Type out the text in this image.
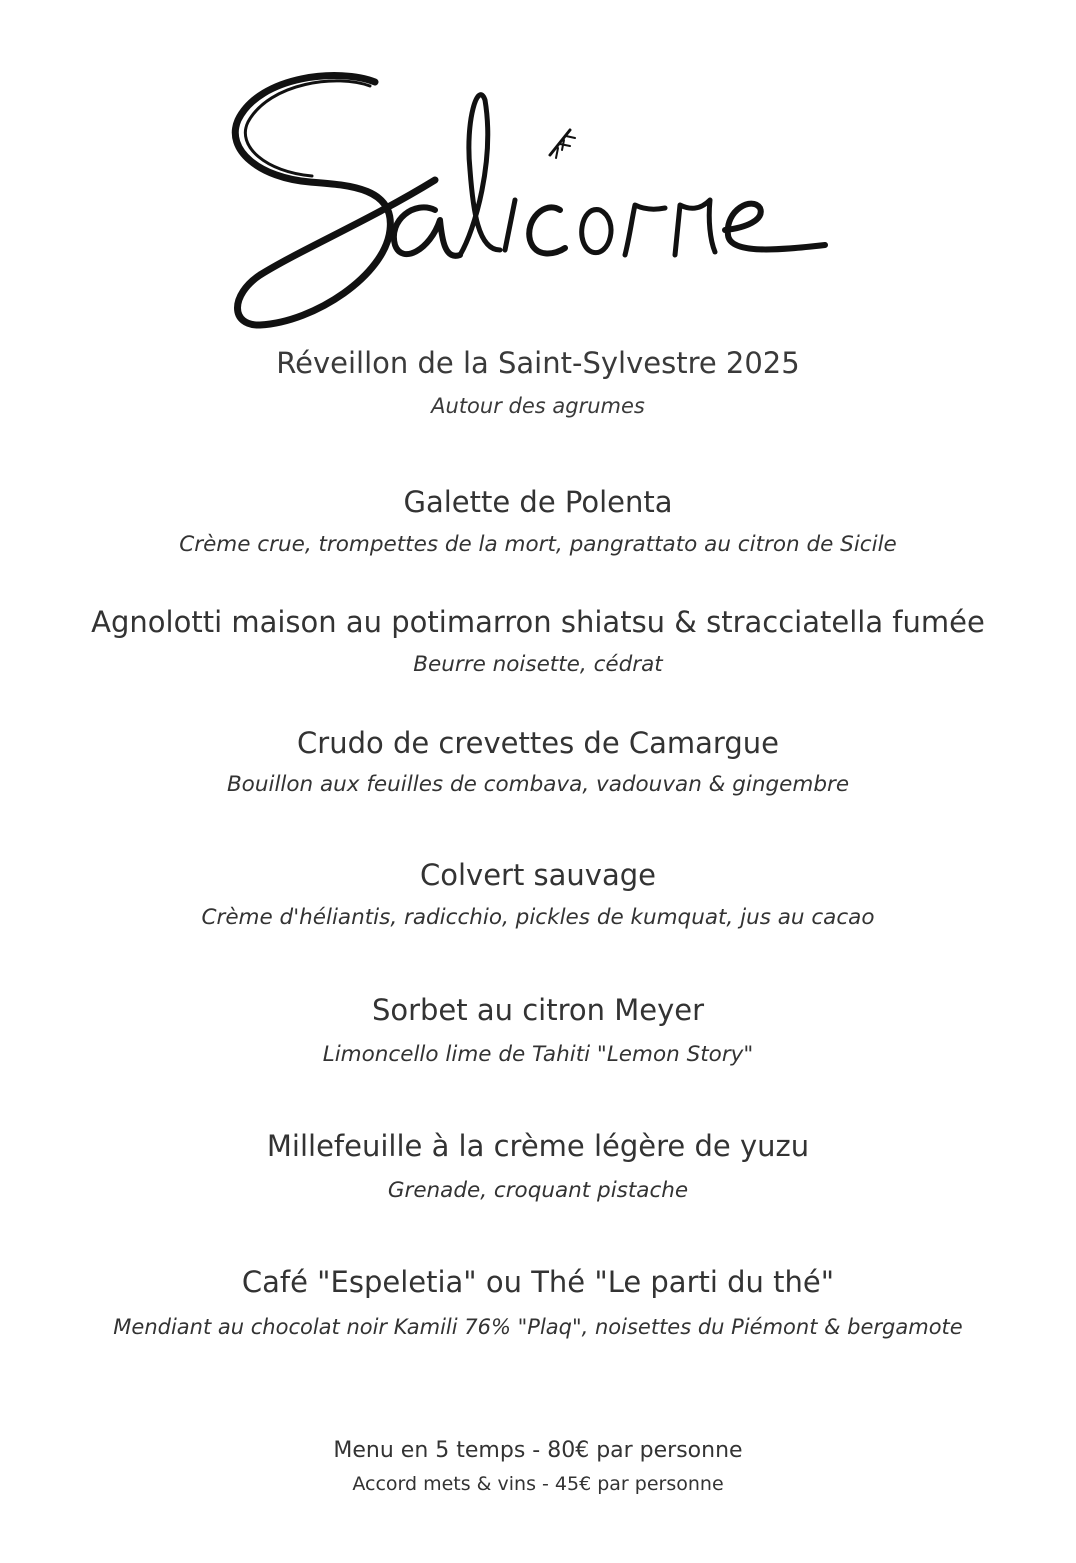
Réveillon de la Saint-Sylvestre 2025
Autour des agrumes
Galette de Polenta
Crème crue, trompettes de la mort, pangrattato au citron de Sicile
Agnolotti maison au potimarron shiatsu & stracciatella fumée
Beurre noisette, cédrat
Crudo de crevettes de Camargue
Bouillon aux feuilles de combava, vadouvan & gingembre
Colvert sauvage
Crème d'héliantis, radicchio, pickles de kumquat, jus au cacao
Sorbet au citron Meyer
Limoncello lime de Tahiti "Lemon Story"
Millefeuille à la crème légère de yuzu
Grenade, croquant pistache
Café "Espeletia" ou Thé "Le parti du thé"
Mendiant au chocolat noir Kamili 76% "Plaq", noisettes du Piémont & bergamote
Menu en 5 temps - 80€ par personne
Accord mets & vins - 45€ par personne
